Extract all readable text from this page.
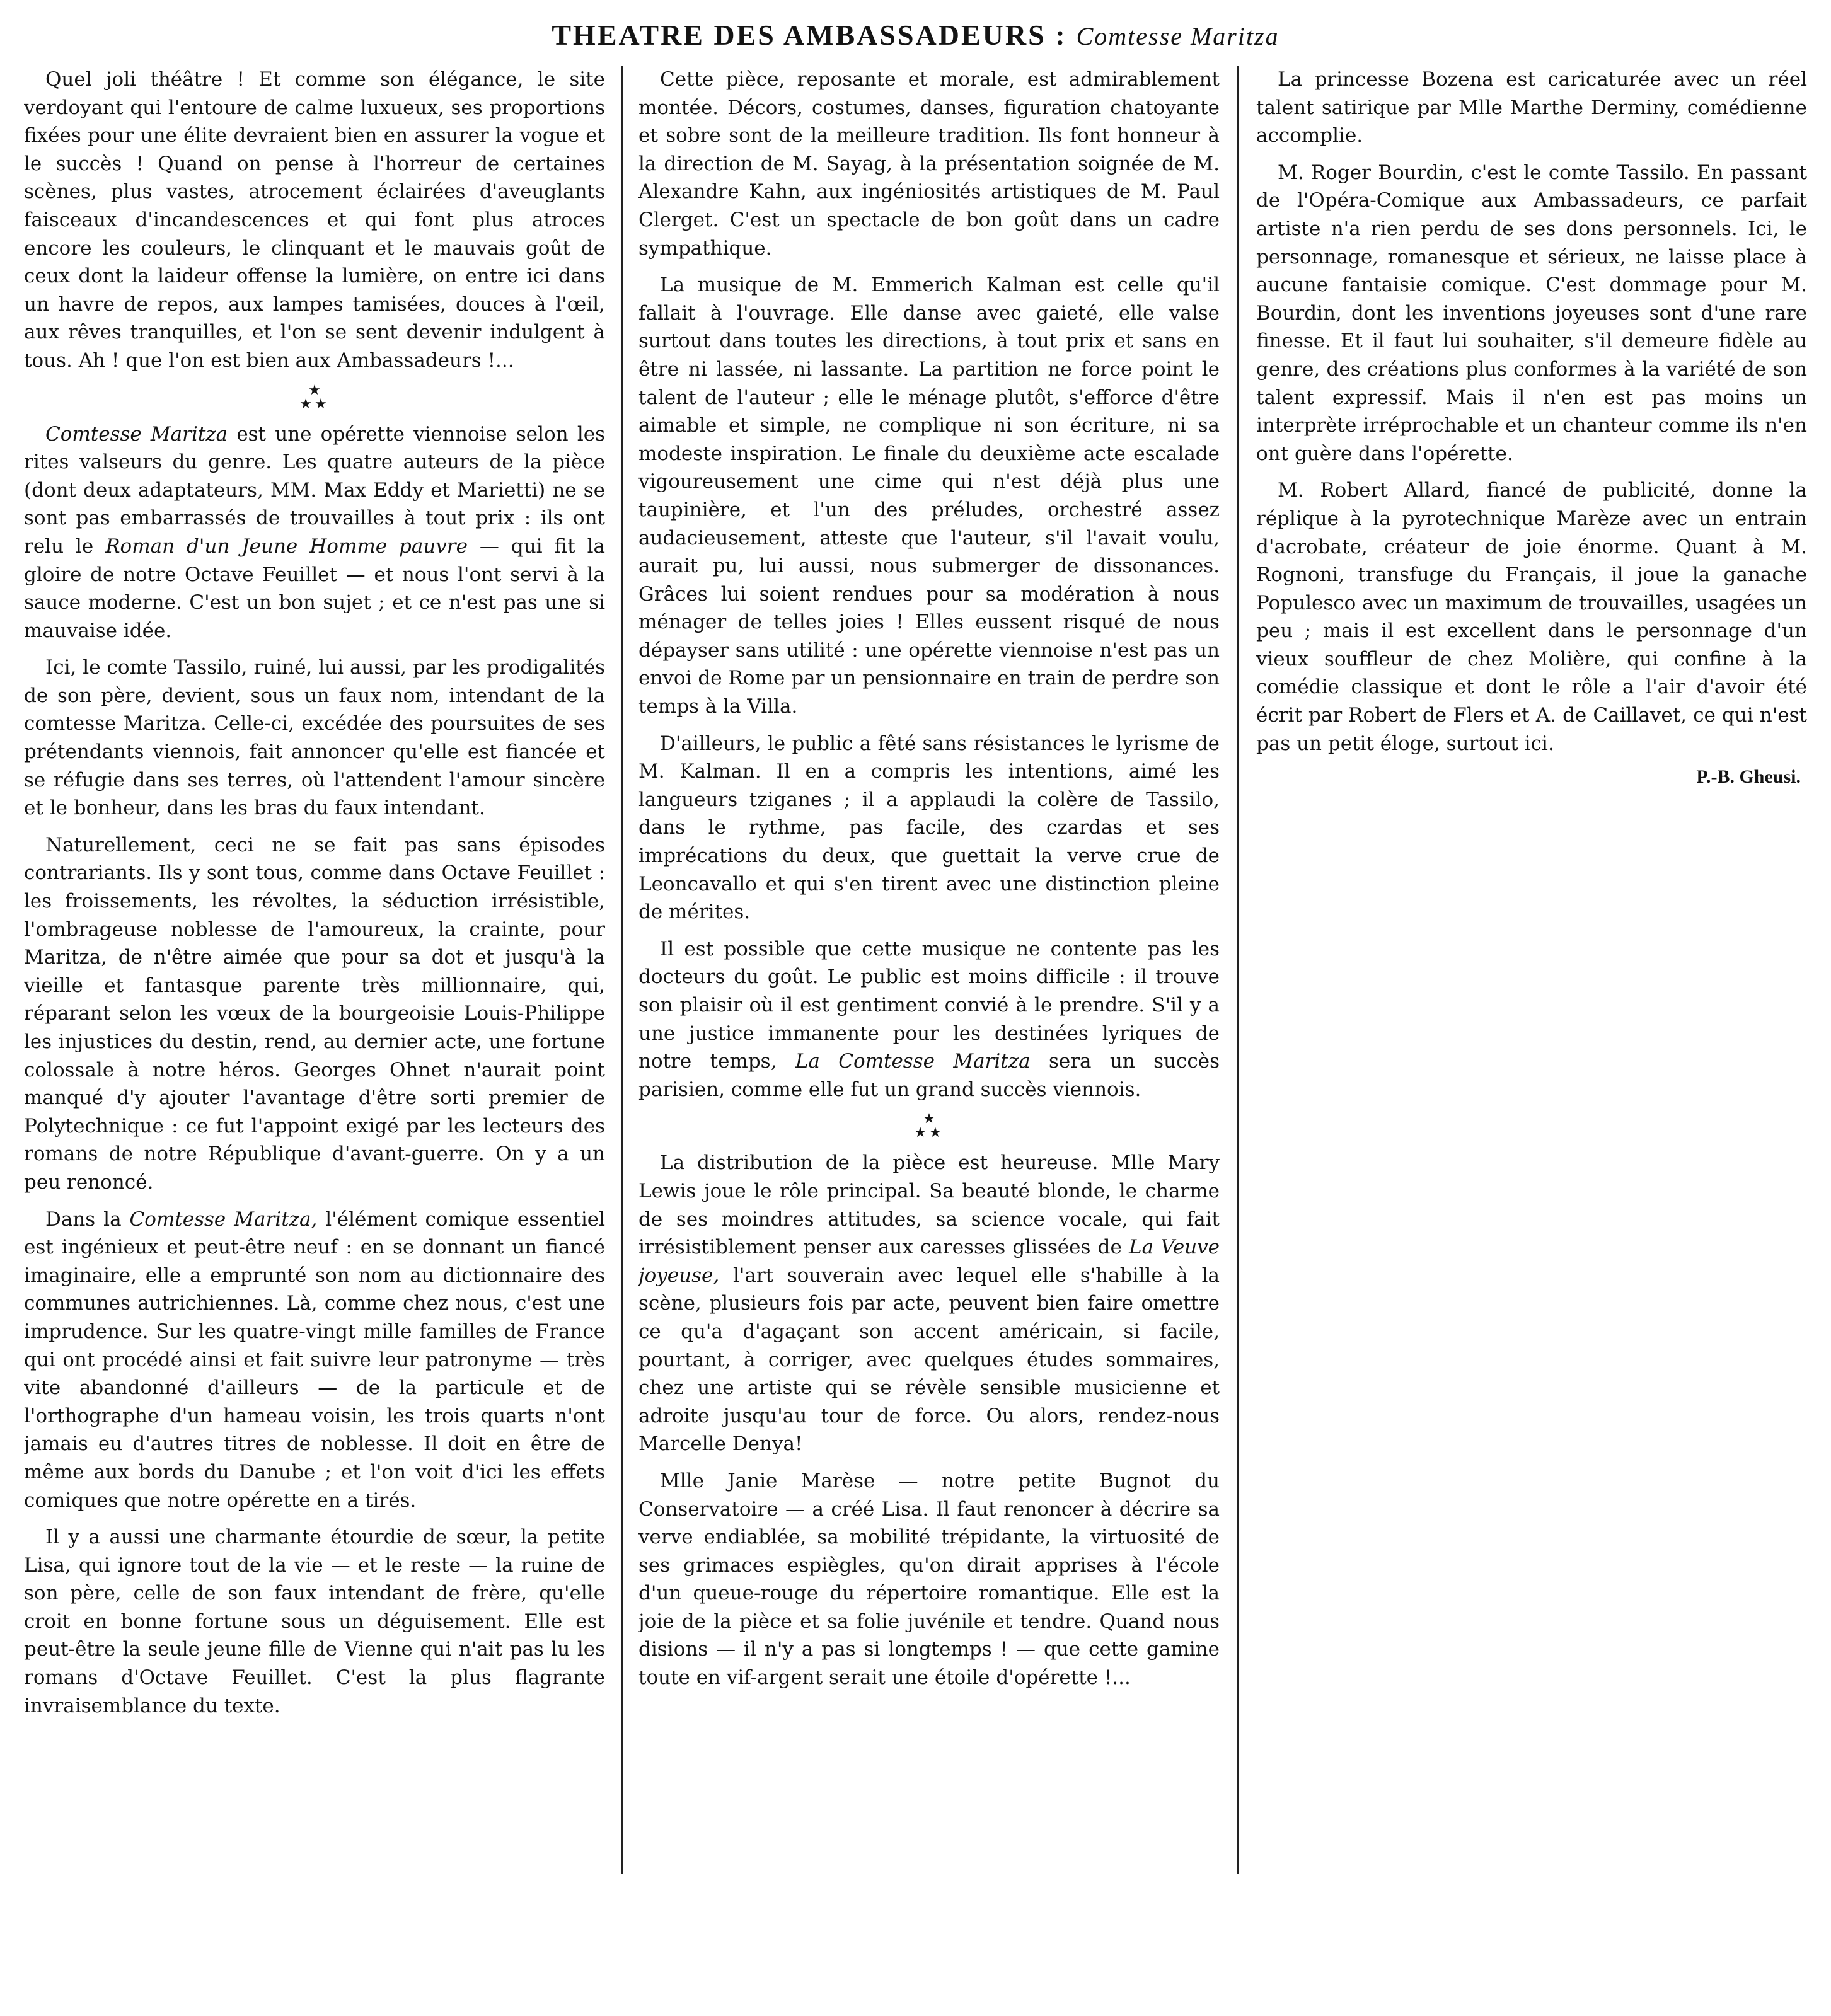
THEATRE DES AMBASSADEURS : Comtesse Maritza

Quel joli théâtre ! Et comme son élégance, le site verdoyant qui l'entoure de calme luxueux, ses proportions fixées pour une élite devraient bien en assurer la vogue et le succès ! Quand on pense à l'horreur de certaines scènes, plus vastes, atrocement éclairées d'aveuglants faisceaux d'incandescences et qui font plus atroces encore les couleurs, le clinquant et le mauvais goût de ceux dont la laideur offense la lumière, on entre ici dans un havre de repos, aux lampes tamisées, douces à l'œil, aux rêves tranquilles, et l'on se sent devenir indulgent à tous. Ah ! que l'on est bien aux Ambassadeurs !...

★
★★

Comtesse Maritza est une opérette viennoise selon les rites valseurs du genre. Les quatre auteurs de la pièce (dont deux adaptateurs, MM. Max Eddy et Marietti) ne se sont pas embarrassés de trouvailles à tout prix : ils ont relu le Roman d'un Jeune Homme pauvre — qui fit la gloire de notre Octave Feuillet — et nous l'ont servi à la sauce moderne. C'est un bon sujet ; et ce n'est pas une si mauvaise idée.

Ici, le comte Tassilo, ruiné, lui aussi, par les prodigalités de son père, devient, sous un faux nom, intendant de la comtesse Maritza. Celle-ci, excédée des poursuites de ses prétendants viennois, fait annoncer qu'elle est fiancée et se réfugie dans ses terres, où l'attendent l'amour sincère et le bonheur, dans les bras du faux intendant.

Naturellement, ceci ne se fait pas sans épisodes contrariants. Ils y sont tous, comme dans Octave Feuillet : les froissements, les révoltes, la séduction irrésistible, l'ombrageuse noblesse de l'amoureux, la crainte, pour Maritza, de n'être aimée que pour sa dot et jusqu'à la vieille et fantasque parente très millionnaire, qui, réparant selon les vœux de la bourgeoisie Louis-Philippe les injustices du destin, rend, au dernier acte, une fortune colossale à notre héros. Georges Ohnet n'aurait point manqué d'y ajouter l'avantage d'être sorti premier de Polytechnique : ce fut l'appoint exigé par les lecteurs des romans de notre République d'avant-guerre. On y a un peu renoncé.

Dans la Comtesse Maritza, l'élément comique essentiel est ingénieux et peut-être neuf : en se donnant un fiancé imaginaire, elle a emprunté son nom au dictionnaire des communes autrichiennes. Là, comme chez nous, c'est une imprudence. Sur les quatre-vingt mille familles de France qui ont procédé ainsi et fait suivre leur patronyme — très vite abandonné d'ailleurs — de la particule et de l'orthographe d'un hameau voisin, les trois quarts n'ont jamais eu d'autres titres de noblesse. Il doit en être de même aux bords du Danube ; et l'on voit d'ici les effets comiques que notre opérette en a tirés.

Il y a aussi une charmante étourdie de sœur, la petite Lisa, qui ignore tout de la vie — et le reste — la ruine de son père, celle de son faux intendant de frère, qu'elle croit en bonne fortune sous un déguisement. Elle est peut-être la seule jeune fille de Vienne qui n'ait pas lu les romans d'Octave Feuillet. C'est la plus flagrante invraisemblance du texte.

Cette pièce, reposante et morale, est admirablement montée. Décors, costumes, danses, figuration chatoyante et sobre sont de la meilleure tradition. Ils font honneur à la direction de M. Sayag, à la présentation soignée de M. Alexandre Kahn, aux ingéniosités artistiques de M. Paul Clerget. C'est un spectacle de bon goût dans un cadre sympathique.

La musique de M. Emmerich Kalman est celle qu'il fallait à l'ouvrage. Elle danse avec gaieté, elle valse surtout dans toutes les directions, à tout prix et sans en être ni lassée, ni lassante. La partition ne force point le talent de l'auteur ; elle le ménage plutôt, s'efforce d'être aimable et simple, ne complique ni son écriture, ni sa modeste inspiration. Le finale du deuxième acte escalade vigoureusement une cime qui n'est déjà plus une taupinière, et l'un des préludes, orchestré assez audacieusement, atteste que l'auteur, s'il l'avait voulu, aurait pu, lui aussi, nous submerger de dissonances. Grâces lui soient rendues pour sa modération à nous ménager de telles joies ! Elles eussent risqué de nous dépayser sans utilité : une opérette viennoise n'est pas un envoi de Rome par un pensionnaire en train de perdre son temps à la Villa.

D'ailleurs, le public a fêté sans résistances le lyrisme de M. Kalman. Il en a compris les intentions, aimé les langueurs tziganes ; il a applaudi la colère de Tassilo, dans le rythme, pas facile, des czardas et ses imprécations du deux, que guettait la verve crue de Leoncavallo et qui s'en tirent avec une distinction pleine de mérites.

Il est possible que cette musique ne contente pas les docteurs du goût. Le public est moins difficile : il trouve son plaisir où il est gentiment convié à le prendre. S'il y a une justice immanente pour les destinées lyriques de notre temps, La Comtesse Maritza sera un succès parisien, comme elle fut un grand succès viennois.

★
★★

La distribution de la pièce est heureuse. Mlle Mary Lewis joue le rôle principal. Sa beauté blonde, le charme de ses moindres attitudes, sa science vocale, qui fait irrésistiblement penser aux caresses glissées de La Veuve joyeuse, l'art souverain avec lequel elle s'habille à la scène, plusieurs fois par acte, peuvent bien faire omettre ce qu'a d'agaçant son accent américain, si facile, pourtant, à corriger, avec quelques études sommaires, chez une artiste qui se révèle sensible musicienne et adroite jusqu'au tour de force. Ou alors, rendez-nous Marcelle Denya!

Mlle Janie Marèse — notre petite Bugnot du Conservatoire — a créé Lisa. Il faut renoncer à décrire sa verve endiablée, sa mobilité trépidante, la virtuosité de ses grimaces espiègles, qu'on dirait apprises à l'école d'un queue-rouge du répertoire romantique. Elle est la joie de la pièce et sa folie juvénile et tendre. Quand nous disions — il n'y a pas si longtemps ! — que cette gamine toute en vif-argent serait une étoile d'opérette !...

La princesse Bozena est caricaturée avec un réel talent satirique par Mlle Marthe Derminy, comédienne accomplie.

M. Roger Bourdin, c'est le comte Tassilo. En passant de l'Opéra-Comique aux Ambassadeurs, ce parfait artiste n'a rien perdu de ses dons personnels. Ici, le personnage, romanesque et sérieux, ne laisse place à aucune fantaisie comique. C'est dommage pour M. Bourdin, dont les inventions joyeuses sont d'une rare finesse. Et il faut lui souhaiter, s'il demeure fidèle au genre, des créations plus conformes à la variété de son talent expressif. Mais il n'en est pas moins un interprète irréprochable et un chanteur comme ils n'en ont guère dans l'opérette.

M. Robert Allard, fiancé de publicité, donne la réplique à la pyrotechnique Marèze avec un entrain d'acrobate, créateur de joie énorme. Quant à M. Rognoni, transfuge du Français, il joue la ganache Populesco avec un maximum de trouvailles, usagées un peu ; mais il est excellent dans le personnage d'un vieux souffleur de chez Molière, qui confine à la comédie classique et dont le rôle a l'air d'avoir été écrit par Robert de Flers et A. de Caillavet, ce qui n'est pas un petit éloge, surtout ici.

P.-B. Gheusi.
